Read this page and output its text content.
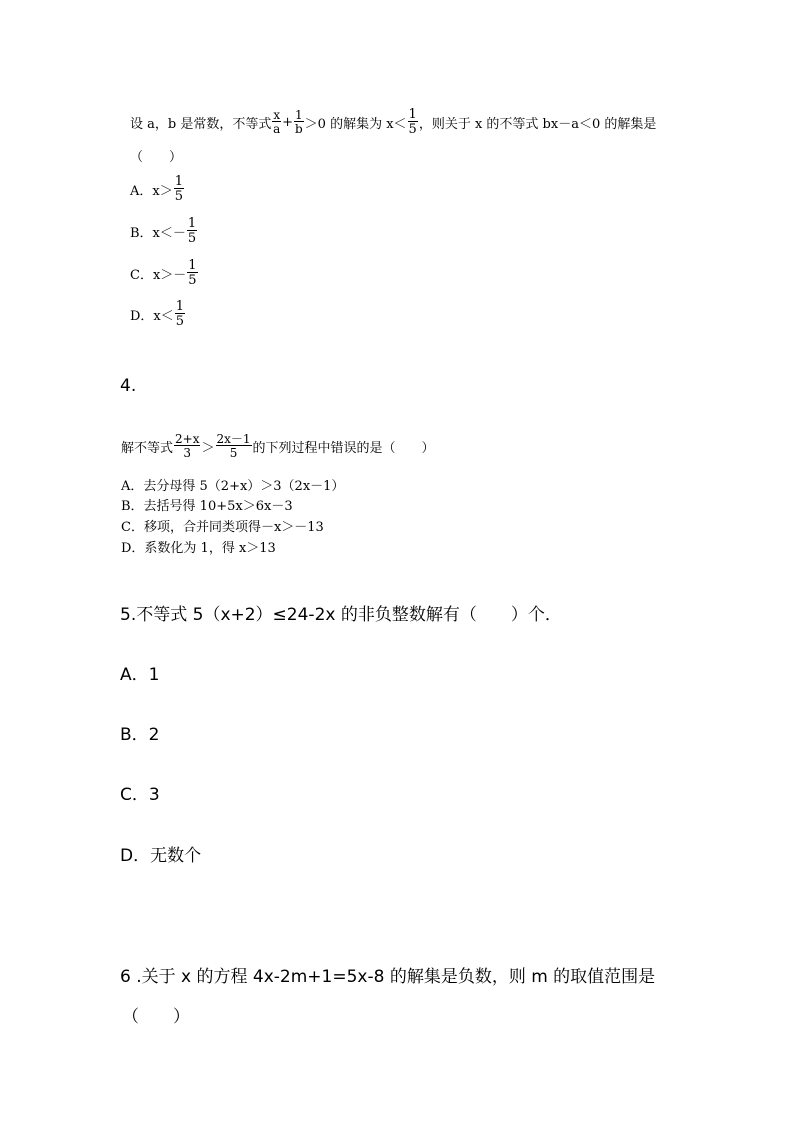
设 a，b 是常数，不等式 $\frac{x}{a} + \frac{1}{b} >0$ 的解集为 $x< \frac{1}{5}$ ，则关于 x 的不等式 bx－a＜0 的解集是
（　　）
A．$x> \frac{1}{5}$
B．$x<- \frac{1}{5}$
C．$x>- \frac{1}{5}$
D．$x< \frac{1}{5}$
4.
解不等式 $\frac{2+x}{3} > \frac{2x-1}{5}$ 的下列过程中错误的是（　　）
A．去分母得 5（2+x）＞3（2x－1）
B．去括号得 10+5x＞6x－3
C．移项，合并同类项得－x＞－13
D．系数化为 1，得 x＞13
5.不等式 5（x+2）≤24-2x 的非负整数解有（　　）个．
A．1
B．2
C．3
D．无数个
6 .关于 x 的方程 4x-2m+1=5x-8 的解集是负数，则 m 的取值范围是
（　　）
